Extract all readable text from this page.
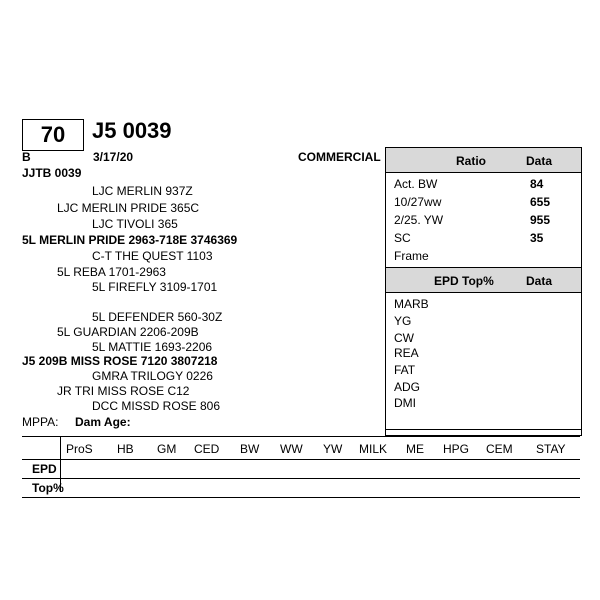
70	J5 0039
B	3/17/20	COMMERCIAL
JJTB 0039
LJC MERLIN 937Z
LJC MERLIN PRIDE 365C
LJC TIVOLI 365
5L MERLIN PRIDE 2963-718E 3746369
C-T THE QUEST 1103
5L REBA 1701-2963
5L FIREFLY 3109-1701
5L DEFENDER 560-30Z
5L GUARDIAN 2206-209B
5L MATTIE 1693-2206
J5 209B MISS ROSE 7120 3807218
GMRA TRILOGY 0226
JR TRI MISS ROSE C12
DCC MISSD ROSE 806
MPPA: Dam Age:
Ratio	Data
Act. BW	84
10/27ww	655
2/25. YW	955
SC	35
Frame
EPD Top%	Data
MARB
YG
CW
REA
FAT
ADG
DMI
ProS HB GM CED BW WW YW MILK ME HPG CEM STAY
EPD
Top%
